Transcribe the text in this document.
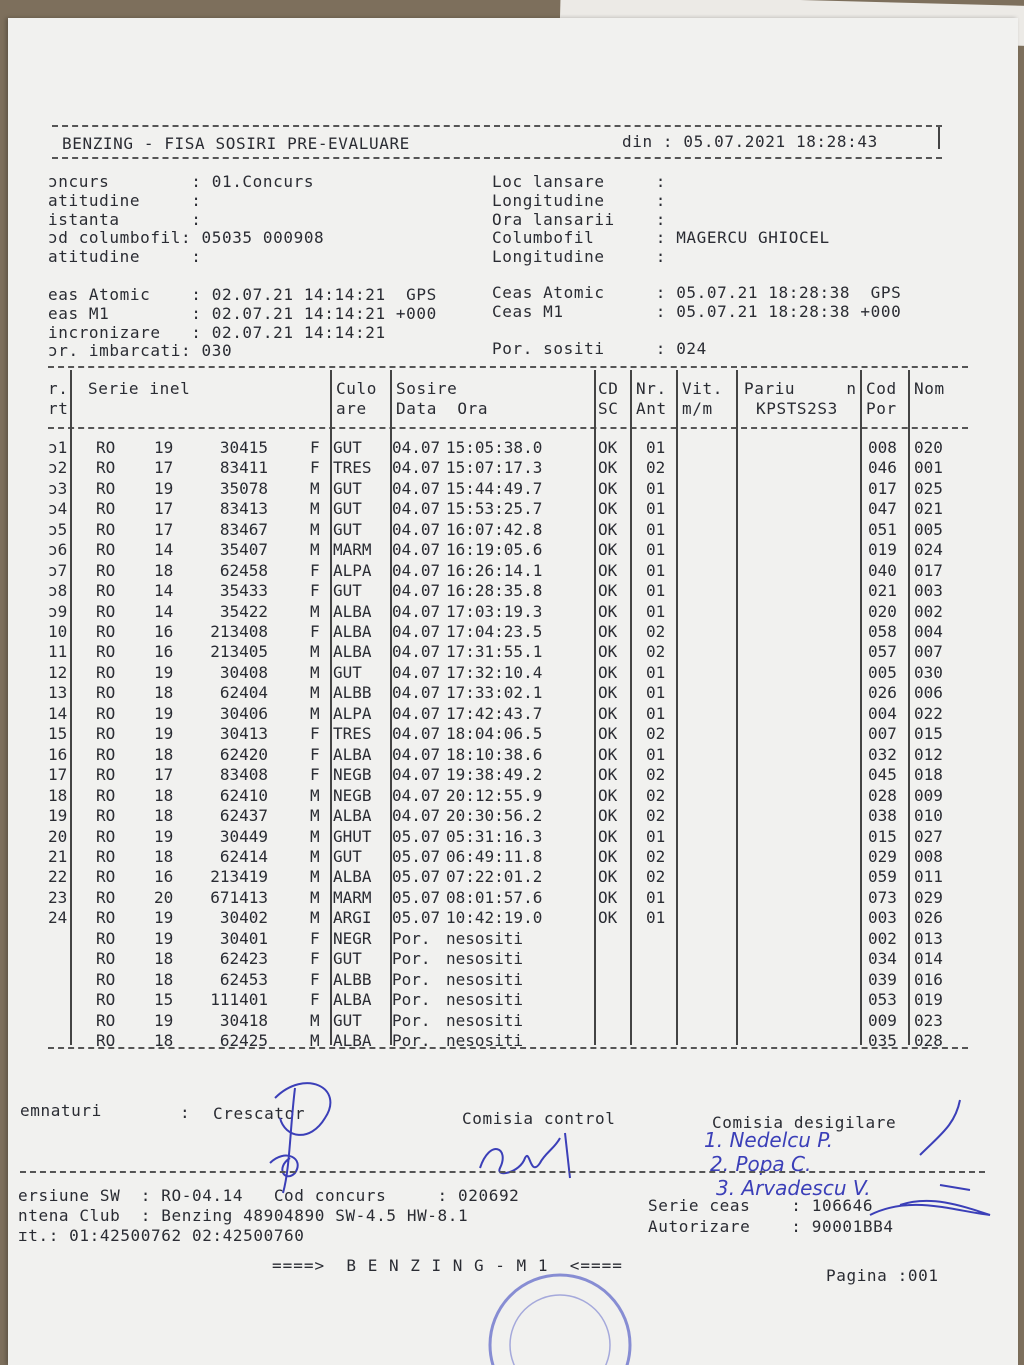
BENZING - FISA SOSIRI PRE-EVALUARE	din : 05.07.2021 18:28:43
ɔncurs        : 01.Concurs
atitudine     :
istanta       :
ɔd columbofil: 05035 000908
atitudine     :
Loc lansare     :
Longitudine     :
Ora lansarii    :
Columbofil      : MAGERCU GHIOCEL
Longitudine     :
eas Atomic    : 02.07.21 14:14:21  GPS
eas M1        : 02.07.21 14:14:21 +000
incronizare   : 02.07.21 14:14:21
ɔr. imbarcati: 030
Ceas Atomic     : 05.07.21 18:28:38  GPS
Ceas M1         : 05.07.21 18:28:38 +000
Por. sositi     : 024
r. Serie inel	Culo Sosire	CD Nr. Vit. Pariu     n Cod Nom
rt	are Data  Ora	SC Ant m/m	KPSTS2S3 Por
ɔ1 RO 19	30415	F GUT 04.07 15:05:38.0	OK 01	008 020
ɔ2 RO 17	83411	F TRES 04.07 15:07:17.3	OK 02	046 001
ɔ3 RO 19	35078	M GUT 04.07 15:44:49.7	OK 01	017 025
ɔ4 RO 17	83413	M GUT 04.07 15:53:25.7	OK 01	047 021
ɔ5 RO 17	83467	M GUT 04.07 16:07:42.8	OK 01	051 005
ɔ6 RO 14	35407	M MARM 04.07 16:19:05.6	OK 01	019 024
ɔ7 RO 18	62458	F ALPA 04.07 16:26:14.1	OK 01	040 017
ɔ8 RO 14	35433	F GUT 04.07 16:28:35.8	OK 01	021 003
ɔ9 RO 14	35422	M ALBA 04.07 17:03:19.3	OK 01	020 002
10 RO 16	213408	F ALBA 04.07 17:04:23.5	OK 02	058 004
11 RO 16	213405	M ALBA 04.07 17:31:55.1	OK 02	057 007
12 RO 19	30408	M GUT 04.07 17:32:10.4	OK 01	005 030
13 RO 18	62404	M ALBB 04.07 17:33:02.1	OK 01	026 006
14 RO 19	30406	M ALPA 04.07 17:42:43.7	OK 01	004 022
15 RO 19	30413	F TRES 04.07 18:04:06.5	OK 02	007 015
16 RO 18	62420	F ALBA 04.07 18:10:38.6	OK 01	032 012
17 RO 17	83408	F NEGB 04.07 19:38:49.2	OK 02	045 018
18 RO 18	62410	M NEGB 04.07 20:12:55.9	OK 02	028 009
19 RO 18	62437	M ALBA 04.07 20:30:56.2	OK 02	038 010
20 RO 19	30449	M GHUT 05.07 05:31:16.3	OK 01	015 027
21 RO 18	62414	M GUT 05.07 06:49:11.8	OK 02	029 008
22 RO 16	213419	M ALBA 05.07 07:22:01.2	OK 02	059 011
23 RO 20	671413	M MARM 05.07 08:01:57.6	OK 01	073 029
24 RO 19	30402	M ARGI 05.07 10:42:19.0	OK 01	003 026
RO 19	30401	F NEGR Por. nesositi	002 013
RO 18	62423	F GUT Por. nesositi	034 014
RO 18	62453	F ALBB Por. nesositi	039 016
RO 15	111401	F ALBA Por. nesositi	053 019
RO 19	30418	M GUT Por. nesositi	009 023
RO 18	62425	M ALBA Por. nesositi	035 028
emnaturi	: Crescator	Comisia control	Comisia desigilare
1. Nedelcu P.
2. Popa C.
3. Arvadescu V.
ersiune SW  : RO-04.14   Cod concurs     : 020692
ntena Club  : Benzing 48904890 SW-4.5 HW-8.1
ɪt.: 01:42500762 02:42500760
Serie ceas    : 106646
Autorizare    : 90001BB4
====>  B E N Z I N G - M 1  <====
Pagina :001
